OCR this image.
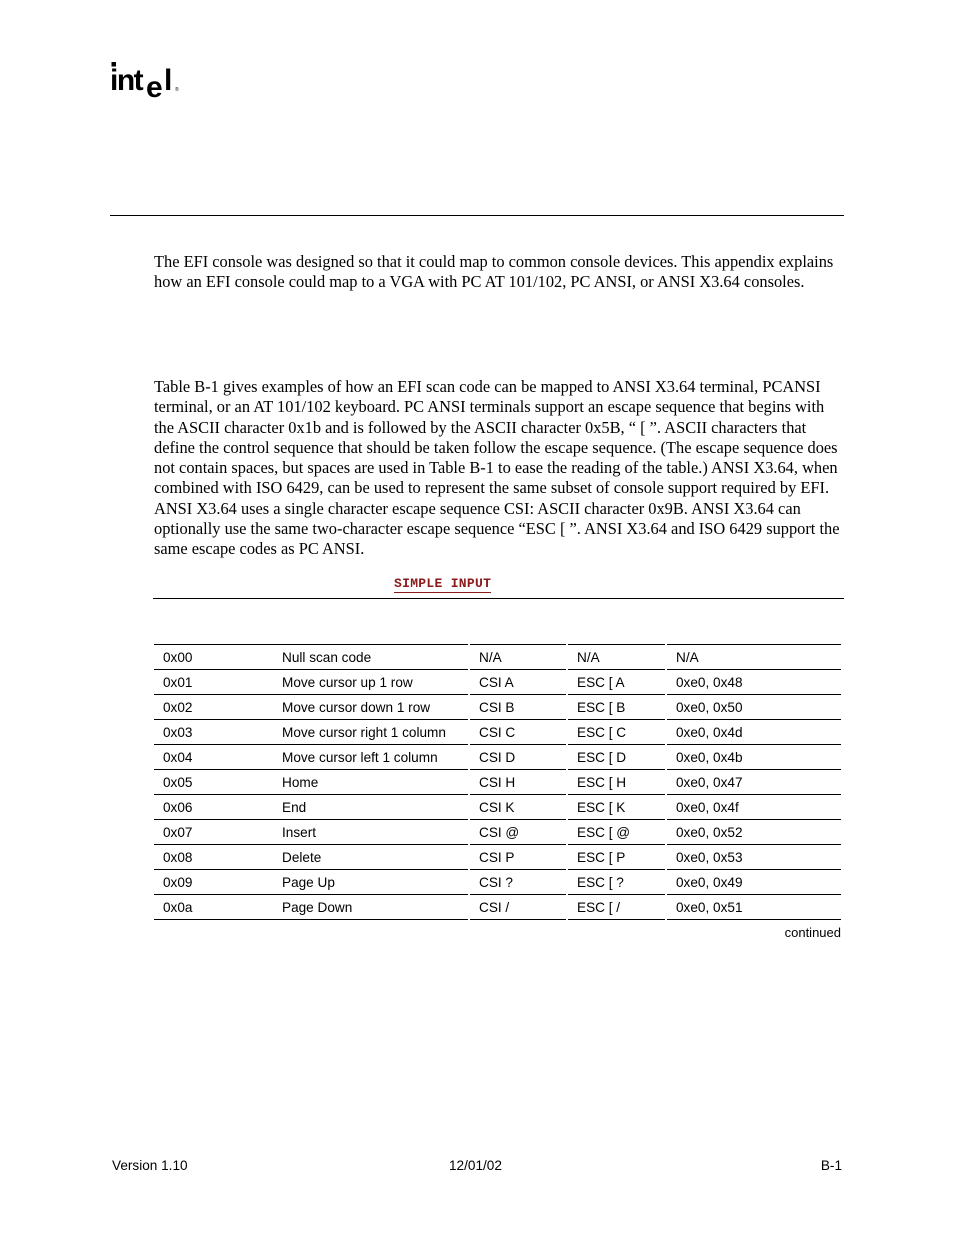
int e l ®

The EFI console was designed so that it could map to common console devices. This appendix explains how an EFI console could map to a VGA with PC AT 101/102, PC ANSI, or ANSI X3.64 consoles.

Table B-1 gives examples of how an EFI scan code can be mapped to ANSI X3.64 terminal, PCANSI terminal, or an AT 101/102 keyboard. PC ANSI terminals support an escape sequence that begins with the ASCII character 0x1b and is followed by the ASCII character 0x5B, “ [ ”. ASCII characters that define the control sequence that should be taken follow the escape sequence. (The escape sequence does not contain spaces, but spaces are used in Table B-1 to ease the reading of the table.) ANSI X3.64, when combined with ISO 6429, can be used to represent the same subset of console support required by EFI. ANSI X3.64 uses a single character escape sequence CSI: ASCII character 0x9B. ANSI X3.64 can optionally use the same two-character escape sequence “ESC [ ”. ANSI X3.64 and ISO 6429 support the same escape codes as PC ANSI.

SIMPLE INPUT
0x00	Null scan code	N/A	N/A	N/A
0x01	Move cursor up 1 row	CSI A	ESC [ A	0xe0, 0x48
0x02	Move cursor down 1 row	CSI B	ESC [ B	0xe0, 0x50
0x03	Move cursor right 1 column	CSI C	ESC [ C	0xe0, 0x4d
0x04	Move cursor left 1 column	CSI D	ESC [ D	0xe0, 0x4b
0x05	Home	CSI H	ESC [ H	0xe0, 0x47
0x06	End	CSI K	ESC [ K	0xe0, 0x4f
0x07	Insert	CSI @	ESC [ @	0xe0, 0x52
0x08	Delete	CSI P	ESC [ P	0xe0, 0x53
0x09	Page Up	CSI ?	ESC [ ?	0xe0, 0x49
0x0a	Page Down	CSI /	ESC [ /	0xe0, 0x51
continued
Version 1.10	12/01/02	B-1
